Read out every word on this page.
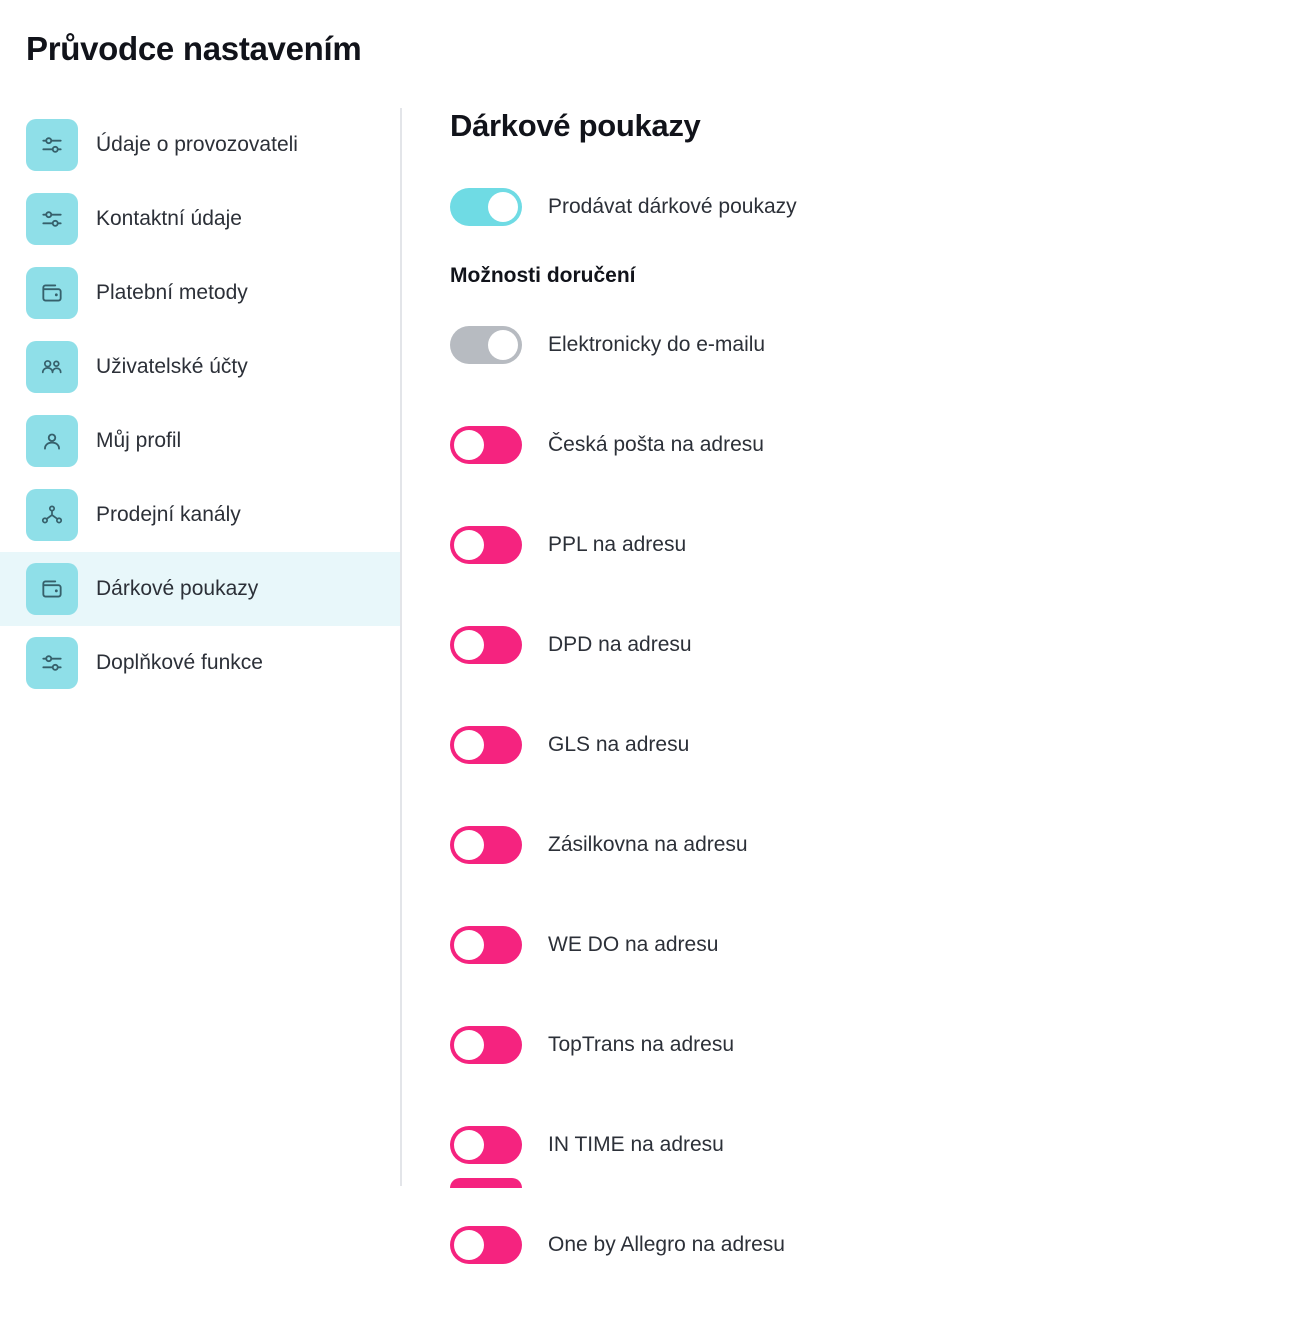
Průvodce nastavením
Údaje o provozovateli
Kontaktní údaje
Platební metody
Uživatelské účty
Můj profil
Prodejní kanály
Dárkové poukazy
Doplňkové funkce
Dárkové poukazy
Prodávat dárkové poukazy
Možnosti doručení
Elektronicky do e-mailu
Česká pošta na adresu
PPL na adresu
DPD na adresu
GLS na adresu
Zásilkovna na adresu
WE DO na adresu
TopTrans na adresu
IN TIME na adresu
One by Allegro na adresu
